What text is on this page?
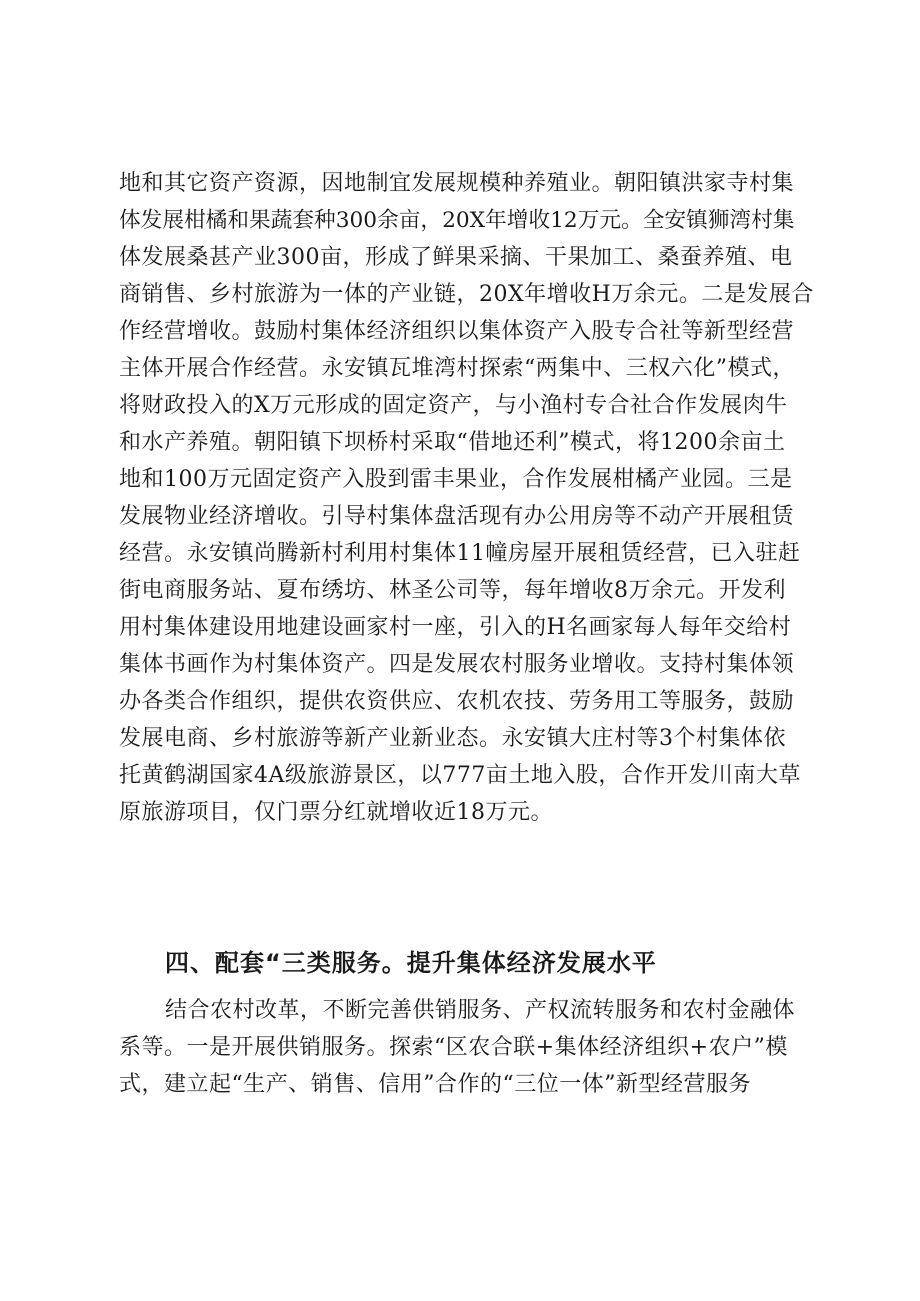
地和其它资产资源，因地制宜发展规模种养殖业。朝阳镇洪家寺村集
体发展柑橘和果蔬套种300余亩，20X年增收12万元。全安镇狮湾村集
体发展桑甚产业300亩，形成了鲜果采摘、干果加工、桑蚕养殖、电
商销售、乡村旅游为一体的产业链，20X年增收H万余元。二是发展合
作经营增收。鼓励村集体经济组织以集体资产入股专合社等新型经营
主体开展合作经营。永安镇瓦堆湾村探索“两集中、三权六化”模式，
将财政投入的X万元形成的固定资产，与小渔村专合社合作发展肉牛
和水产养殖。朝阳镇下坝桥村采取“借地还利”模式，将1200余亩土
地和100万元固定资产入股到雷丰果业，合作发展柑橘产业园。三是
发展物业经济增收。引导村集体盘活现有办公用房等不动产开展租赁
经营。永安镇尚腾新村利用村集体11幢房屋开展租赁经营，已入驻赶
街电商服务站、夏布绣坊、林圣公司等，每年增收8万余元。开发利
用村集体建设用地建设画家村一座，引入的H名画家每人每年交给村
集体书画作为村集体资产。四是发展农村服务业增收。支持村集体领
办各类合作组织，提供农资供应、农机农技、劳务用工等服务，鼓励
发展电商、乡村旅游等新产业新业态。永安镇大庄村等3个村集体依
托黄鹤湖国家4A级旅游景区，以777亩土地入股，合作开发川南大草
原旅游项目，仅门票分红就增收近18万元。
四、配套“三类服务。提升集体经济发展水平
结合农村改革，不断完善供销服务、产权流转服务和农村金融体
系等。一是开展供销服务。探索“区农合联+集体经济组织+农户”模
式，建立起“生产、销售、信用”合作的“三位一体”新型经营服务
